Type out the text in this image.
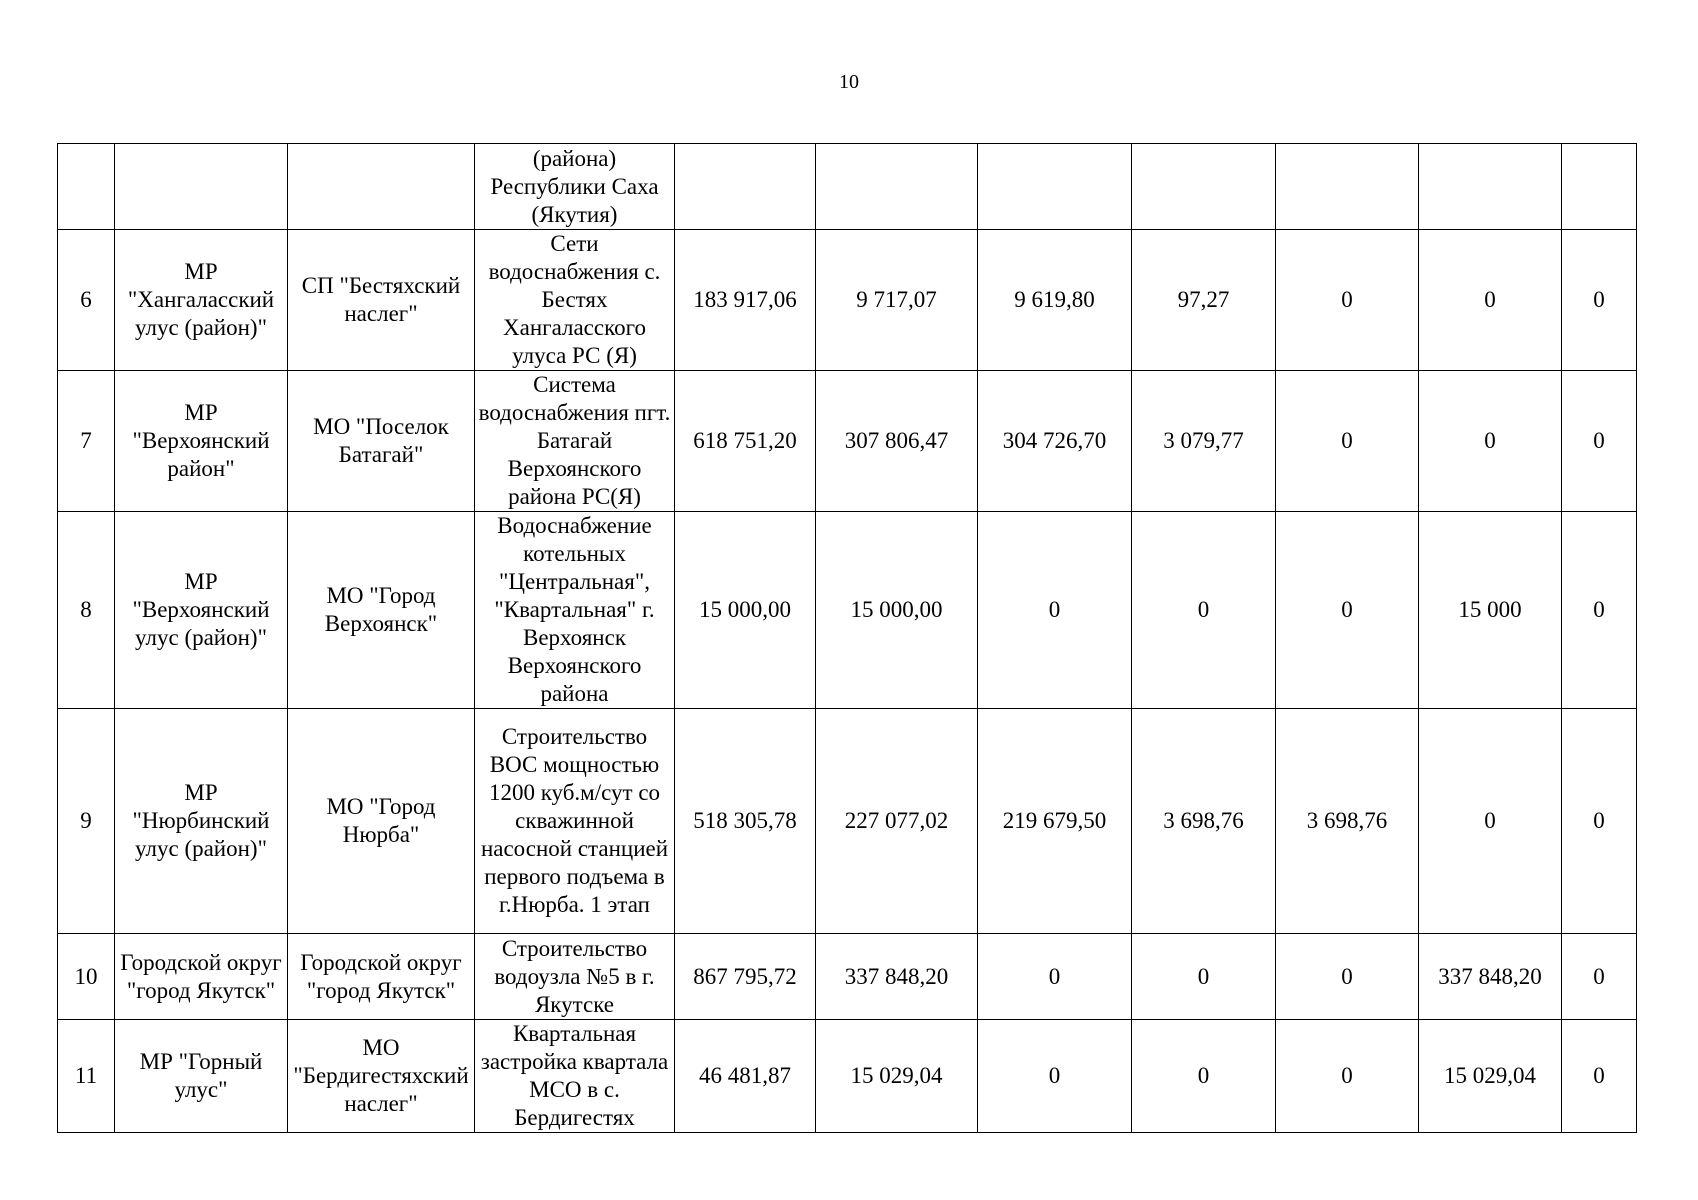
10
			(района) Республики Саха (Якутия)							
6	МР "Хангаласский улус (район)"	СП "Бестяхский наслег"	Сети водоснабжения с. Бестях Хангаласского улуса РС (Я)	183 917,06	9 717,07	9 619,80	97,27	0	0	0
7	МР "Верхоянский район"	МО "Поселок Батагай"	Система водоснабжения пгт. Батагай Верхоянского района РС(Я)	618 751,20	307 806,47	304 726,70	3 079,77	0	0	0
8	МР "Верхоянский улус (район)"	МО "Город Верхоянск"	Водоснабжение котельных "Центральная", "Квартальная" г. Верхоянск Верхоянского района	15 000,00	15 000,00	0	0	0	15 000	0
9	МР "Нюрбинский улус (район)"	МО "Город Нюрба"	Строительство ВОС мощностью 1200 куб.м/сут со скважинной насосной станцией первого подъема в г.Нюрба. 1 этап	518 305,78	227 077,02	219 679,50	3 698,76	3 698,76	0	0
10	Городской округ "город Якутск"	Городской округ "город Якутск"	Строительство водоузла №5 в г. Якутске	867 795,72	337 848,20	0	0	0	337 848,20	0
11	МР "Горный улус"	МО "Бердигестяхский наслег"	Квартальная застройка квартала МСО в с. Бердигестях	46 481,87	15 029,04	0	0	0	15 029,04	0
